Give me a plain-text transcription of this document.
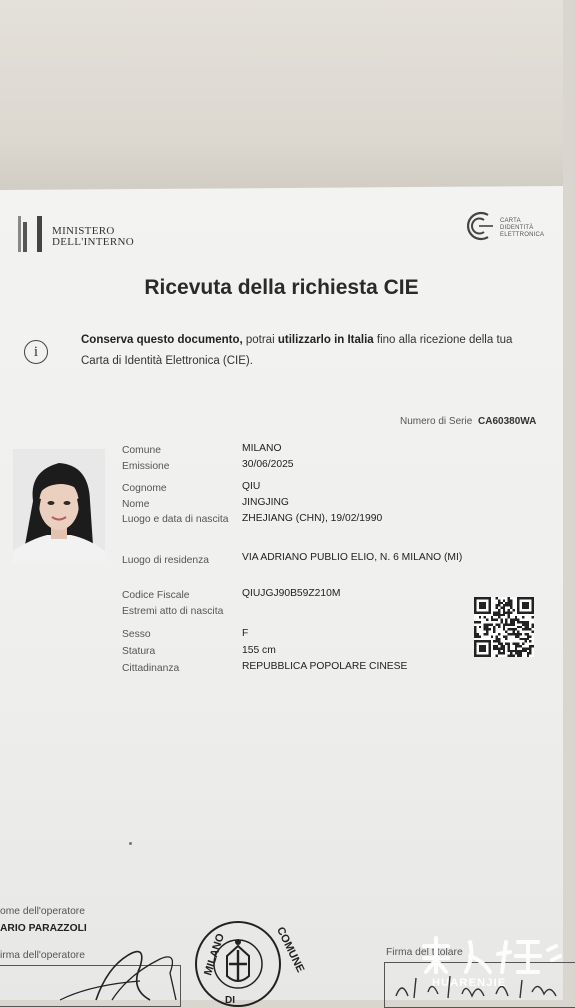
MINISTERO
DELL'INTERNO
CARTA
DIDENTITÀ
ELETTRONICA
Ricevuta della richiesta CIE
i
Conserva questo documento, potrai utilizzarlo in Italia fino alla ricezione della tua Carta di Identità Elettronica (CIE).
Numero di Serie CA60380WA
Comune	MILANO
Emissione	30/06/2025
Cognome	QIU
Nome	JINGJING
Luogo e data di nascita ZHEJIANG (CHN), 19/02/1990
Luogo di residenza	VIA ADRIANO PUBLIO ELIO, N. 6 MILANO (MI)
Codice Fiscale	QIUJGJ90B59Z210M
Estremi atto di nascita
Sesso	F
Statura	155 cm
Cittadinanza	REPUBBLICA POPOLARE CINESE
ome dell'operatore
ARIO PARAZZOLI
irma dell'operatore	MILANO	COMUNE
DI
Firma del titolare
HUARENJIE
